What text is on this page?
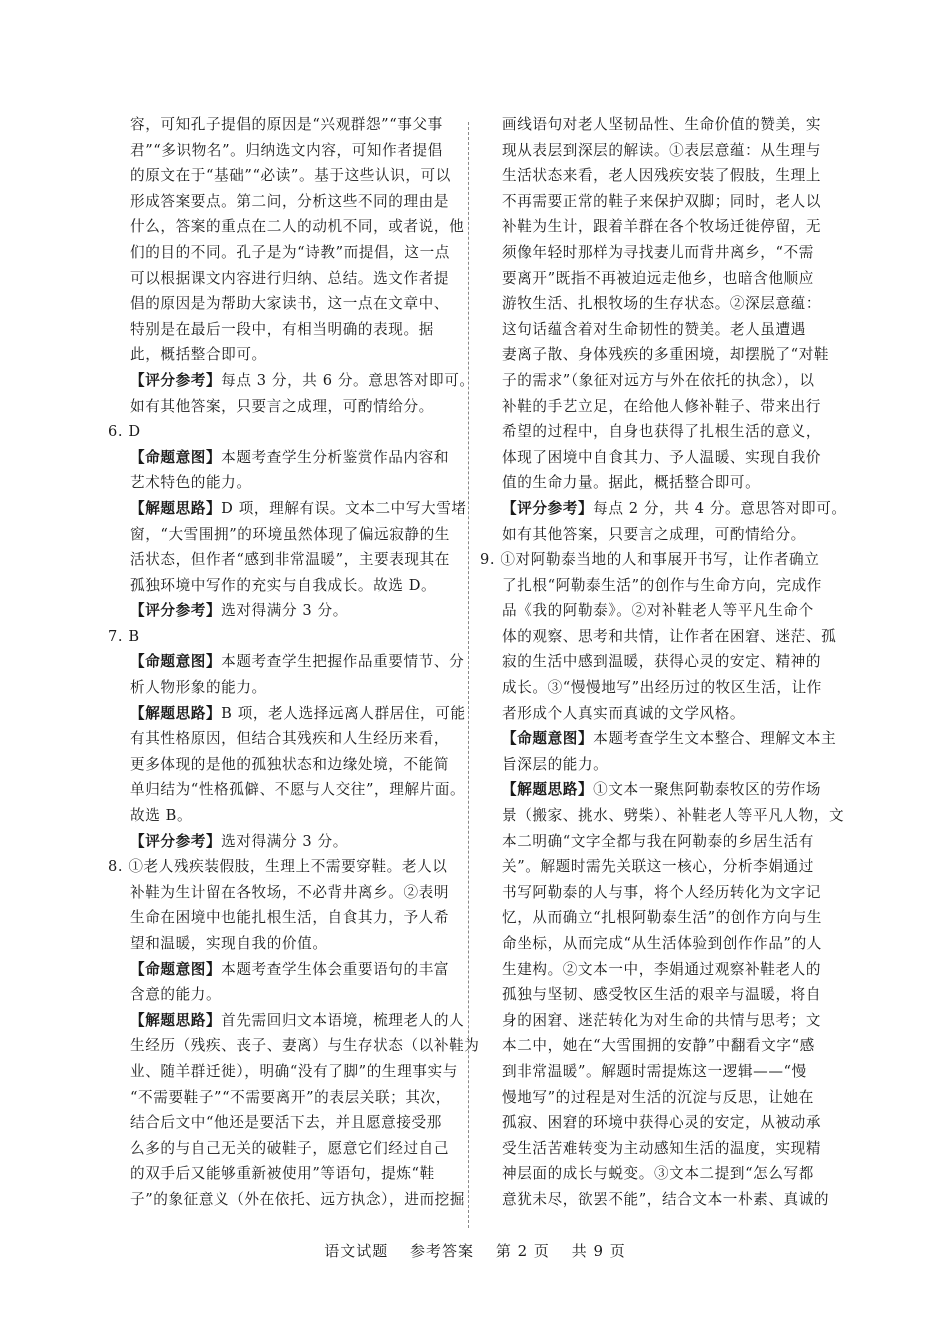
容，可知孔子提倡的原因是“兴观群怨”“事父事
君”“多识物名”。归纳选文内容，可知作者提倡
的原文在于“基础”“必读”。基于这些认识，可以
形成答案要点。第二问，分析这些不同的理由是
什么，答案的重点在二人的动机不同，或者说，他
们的目的不同。孔子是为“诗教”而提倡，这一点
可以根据课文内容进行归纳、总结。选文作者提
倡的原因是为帮助大家读书，这一点在文章中、
特别是在最后一段中，有相当明确的表现。据
此，概括整合即可。
【评分参考】每点 3 分，共 6 分。意思答对即可。
如有其他答案，只要言之成理，可酌情给分。
6. D
【命题意图】本题考查学生分析鉴赏作品内容和
艺术特色的能力。
【解题思路】D 项，理解有误。文本二中写大雪堵
窗，“大雪围拥”的环境虽然体现了偏远寂静的生
活状态，但作者“感到非常温暖”，主要表现其在
孤独环境中写作的充实与自我成长。故选 D。
【评分参考】选对得满分 3 分。
7. B
【命题意图】本题考查学生把握作品重要情节、分
析人物形象的能力。
【解题思路】B 项，老人选择远离人群居住，可能
有其性格原因，但结合其残疾和人生经历来看，
更多体现的是他的孤独状态和边缘处境，不能简
单归结为“性格孤僻、不愿与人交往”，理解片面。
故选 B。
【评分参考】选对得满分 3 分。
8. ①老人残疾装假肢，生理上不需要穿鞋。老人以
补鞋为生计留在各牧场，不必背井离乡。②表明
生命在困境中也能扎根生活，自食其力，予人希
望和温暖，实现自我的价值。
【命题意图】本题考查学生体会重要语句的丰富
含意的能力。
【解题思路】首先需回归文本语境，梳理老人的人
生经历（残疾、丧子、妻离）与生存状态（以补鞋为
业、随羊群迁徙），明确“没有了脚”的生理事实与
“不需要鞋子”“不需要离开”的表层关联；其次，
结合后文中“他还是要活下去，并且愿意接受那
么多的与自己无关的破鞋子，愿意它们经过自己
的双手后又能够重新被使用”等语句，提炼“鞋
子”的象征意义（外在依托、远方执念），进而挖掘
画线语句对老人坚韧品性、生命价值的赞美，实
现从表层到深层的解读。①表层意蕴：从生理与
生活状态来看，老人因残疾安装了假肢，生理上
不再需要正常的鞋子来保护双脚；同时，老人以
补鞋为生计，跟着羊群在各个牧场迁徙停留，无
须像年轻时那样为寻找妻儿而背井离乡，“不需
要离开”既指不再被迫远走他乡，也暗含他顺应
游牧生活、扎根牧场的生存状态。②深层意蕴：
这句话蕴含着对生命韧性的赞美。老人虽遭遇
妻离子散、身体残疾的多重困境，却摆脱了“对鞋
子的需求”（象征对远方与外在依托的执念），以
补鞋的手艺立足，在给他人修补鞋子、带来出行
希望的过程中，自身也获得了扎根生活的意义，
体现了困境中自食其力、予人温暖、实现自我价
值的生命力量。据此，概括整合即可。
【评分参考】每点 2 分，共 4 分。意思答对即可。
如有其他答案，只要言之成理，可酌情给分。
9. ①对阿勒泰当地的人和事展开书写，让作者确立
了扎根“阿勒泰生活”的创作与生命方向，完成作
品《我的阿勒泰》。②对补鞋老人等平凡生命个
体的观察、思考和共情，让作者在困窘、迷茫、孤
寂的生活中感到温暖，获得心灵的安定、精神的
成长。③“慢慢地写”出经历过的牧区生活，让作
者形成个人真实而真诚的文学风格。
【命题意图】本题考查学生文本整合、理解文本主
旨深层的能力。
【解题思路】①文本一聚焦阿勒泰牧区的劳作场
景（搬家、挑水、劈柴）、补鞋老人等平凡人物，文
本二明确“文字全都与我在阿勒泰的乡居生活有
关”。解题时需先关联这一核心，分析李娟通过
书写阿勒泰的人与事，将个人经历转化为文字记
忆，从而确立“扎根阿勒泰生活”的创作方向与生
命坐标，从而完成“从生活体验到创作作品”的人
生建构。②文本一中，李娟通过观察补鞋老人的
孤独与坚韧、感受牧区生活的艰辛与温暖，将自
身的困窘、迷茫转化为对生命的共情与思考；文
本二中，她在“大雪围拥的安静”中翻看文字“感
到非常温暖”。解题时需提炼这一逻辑——“慢
慢地写”的过程是对生活的沉淀与反思，让她在
孤寂、困窘的环境中获得心灵的安定，从被动承
受生活苦难转变为主动感知生活的温度，实现精
神层面的成长与蜕变。③文本二提到“怎么写都
意犹未尽，欲罢不能”，结合文本一朴素、真诚的
语文试题 参考答案 第 2 页 共 9 页
